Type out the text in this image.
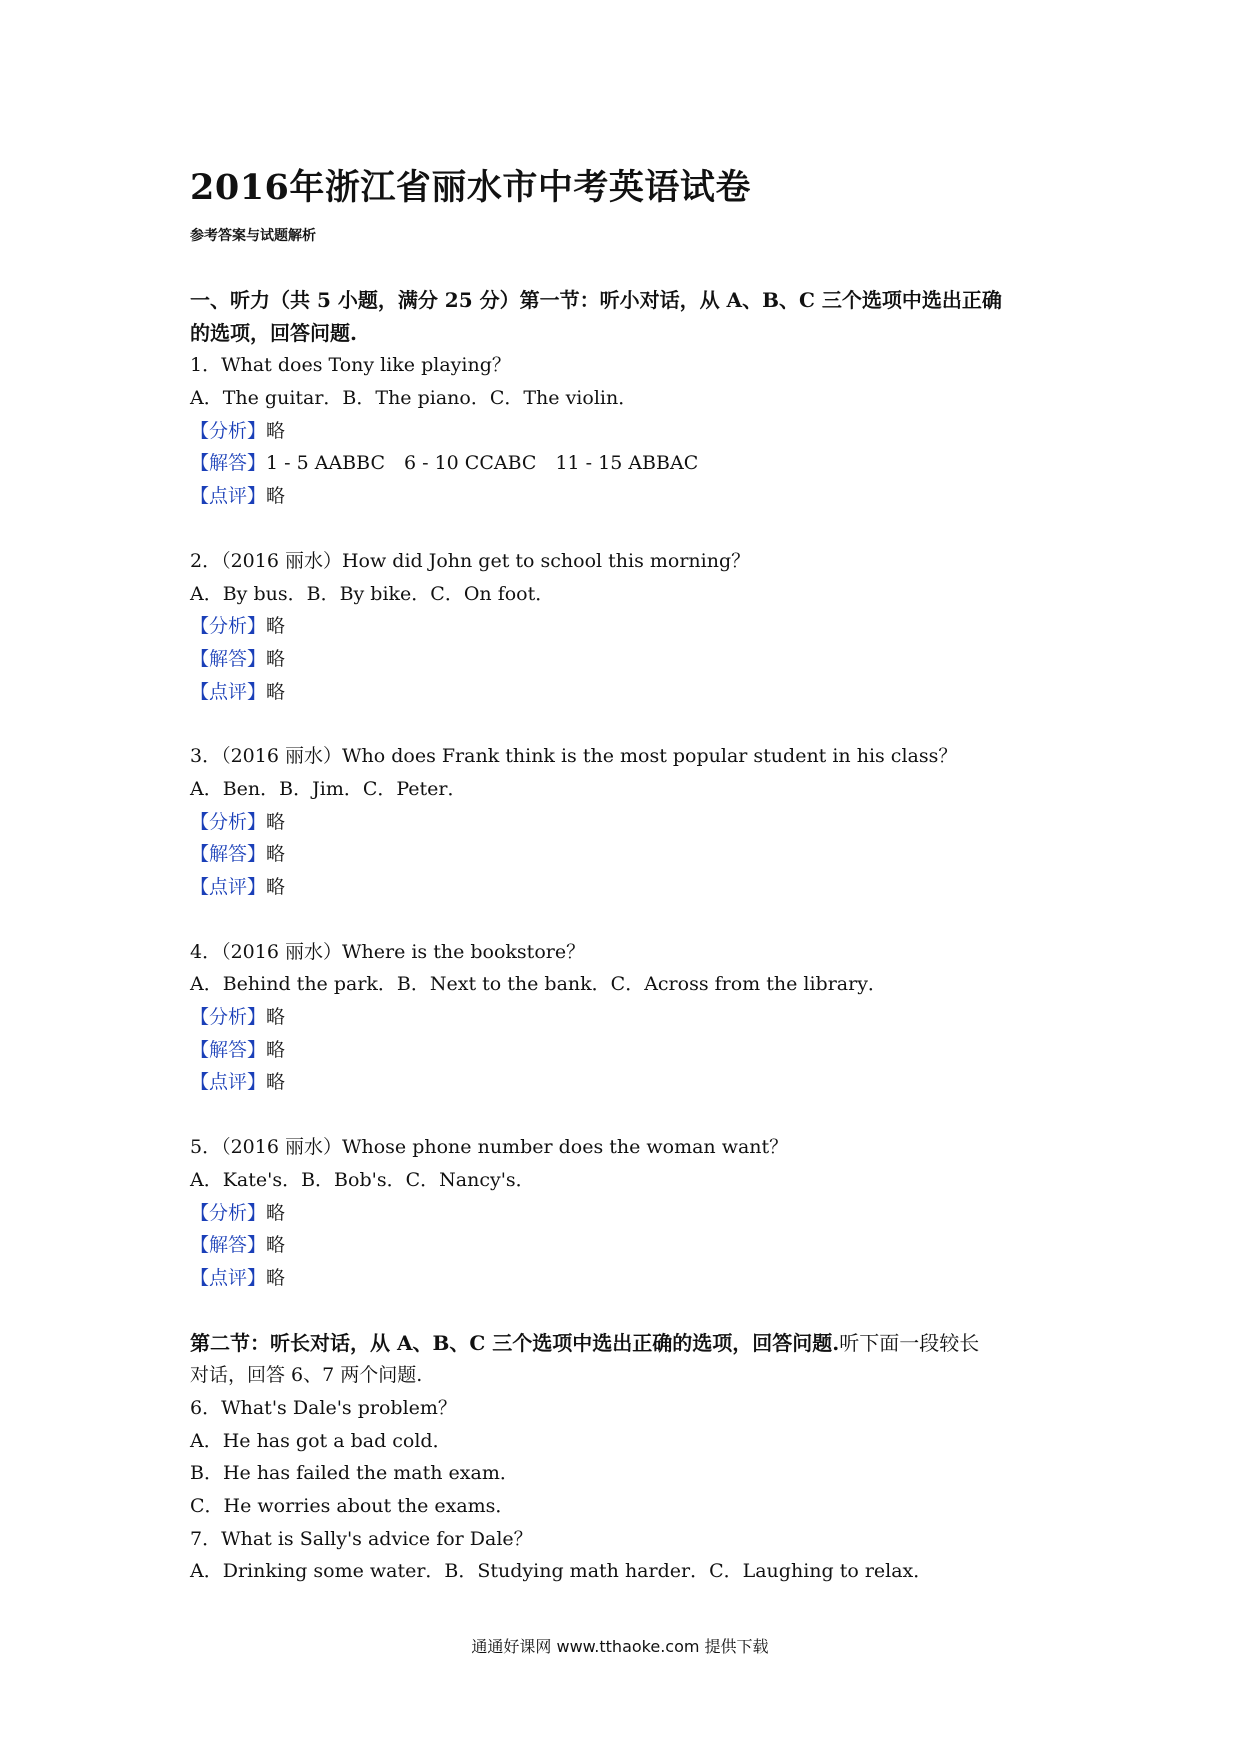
2016年浙江省丽水市中考英语试卷
参考答案与试题解析
一、听力（共 5 小题，满分 25 分）第一节：听小对话，从 A、B、C 三个选项中选出正确
的选项，回答问题.
1．What does Tony like playing？
A．The guitar．B．The piano．C．The violin．
【分析】略
【解答】1 - 5 AABBC　6 - 10 CCABC　11 - 15 ABBAC
【点评】略
2．（2016 丽水）How did John get to school this morning？
A．By bus．B．By bike．C．On foot．
【分析】略
【解答】略
【点评】略
3．（2016 丽水）Who does Frank think is the most popular student in his class？
A．Ben．B．Jim．C．Peter．
【分析】略
【解答】略
【点评】略
4．（2016 丽水）Where is the bookstore？
A．Behind the park．B．Next to the bank．C．Across from the library．
【分析】略
【解答】略
【点评】略
5．（2016 丽水）Whose phone number does the woman want？
A．Kate's．B．Bob's．C．Nancy's．
【分析】略
【解答】略
【点评】略
第二节：听长对话，从 A、B、C 三个选项中选出正确的选项，回答问题.听下面一段较长
对话，回答 6、7 两个问题.
6．What's Dale's problem？
A．He has got a bad cold．
B．He has failed the math exam．
C．He worries about the exams．
7．What is Sally's advice for Dale？
A．Drinking some water．B．Studying math harder．C．Laughing to relax．
通通好课网 www.tthaoke.com 提供下载
